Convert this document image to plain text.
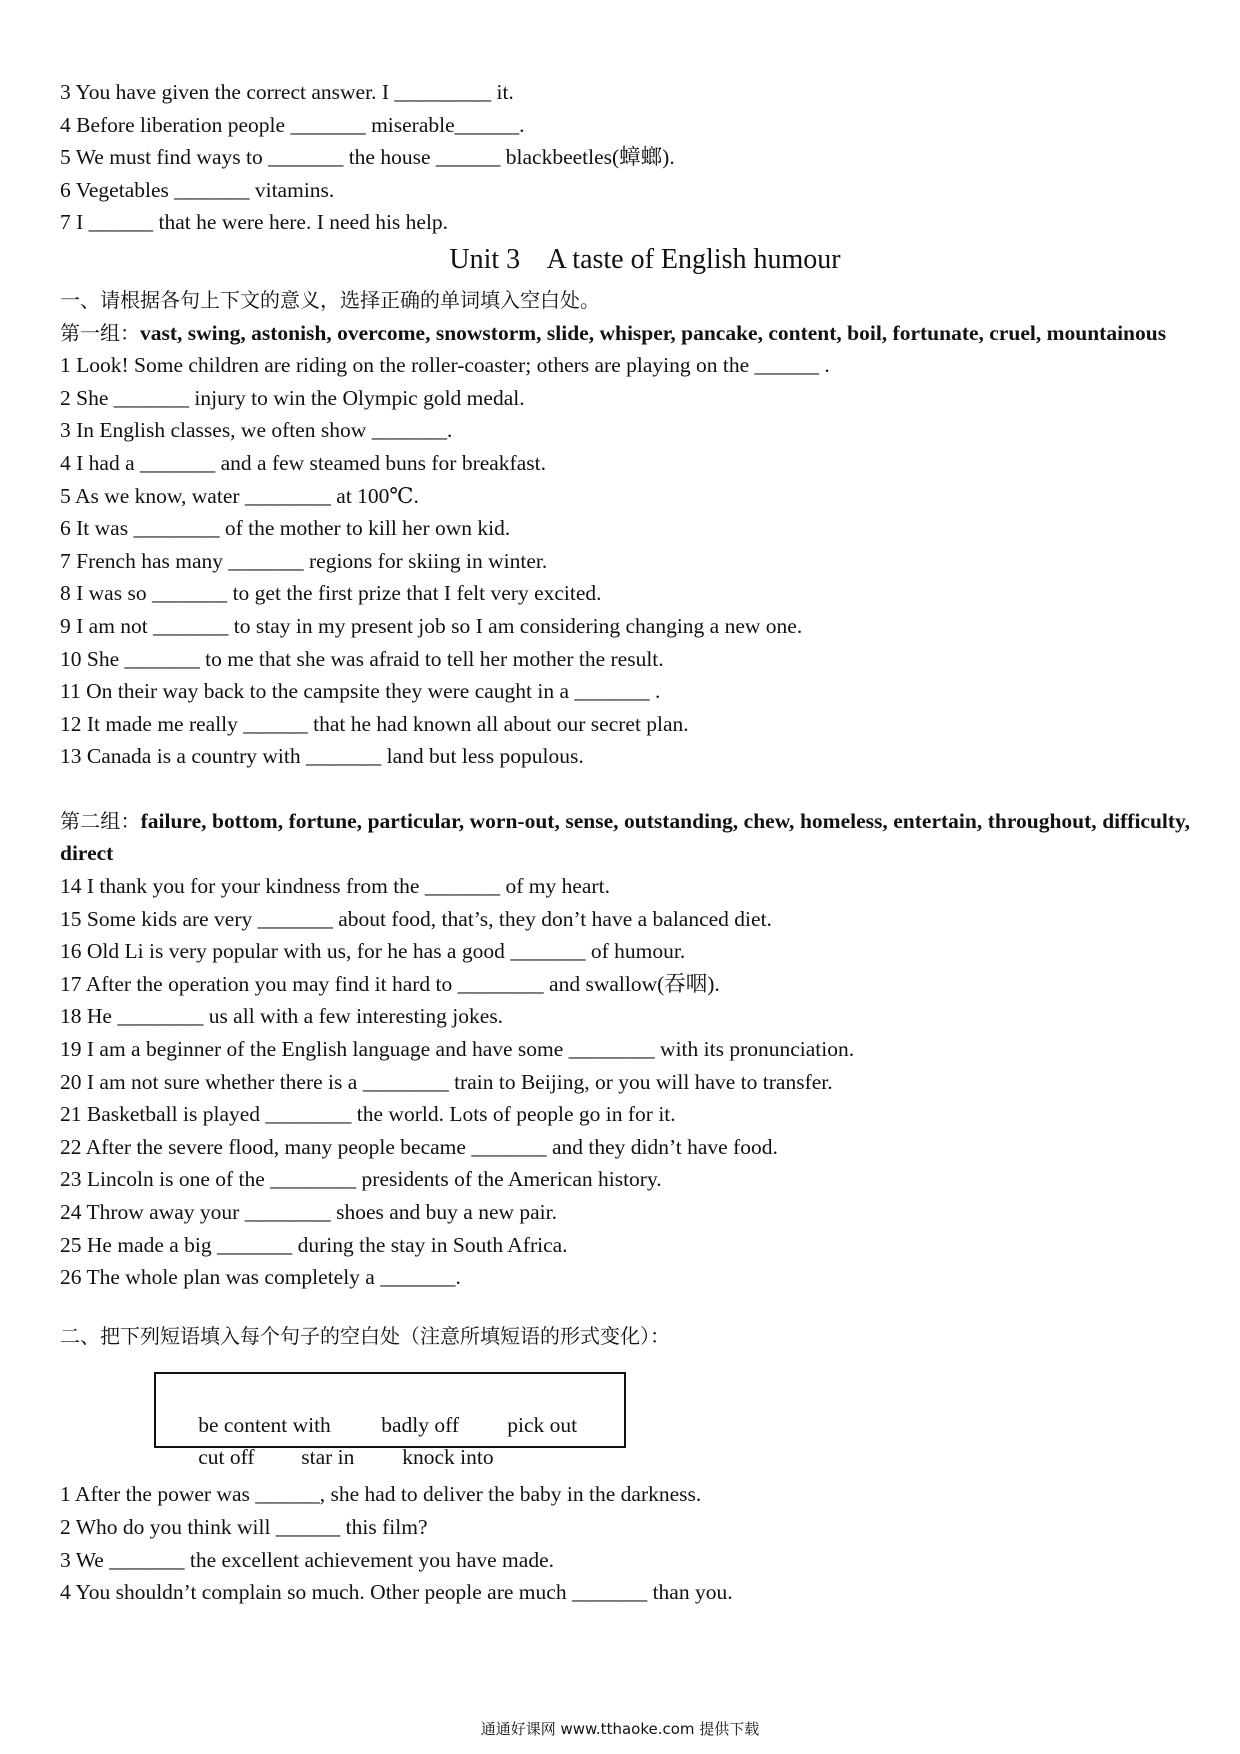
3 You have given the correct answer. I _________ it.
4 Before liberation people _______ miserable______.
5 We must find ways to _______ the house ______ blackbeetles(蟑螂).
6 Vegetables _______ vitamins.
7 I ______ that he were here. I need his help.
Unit 3    A taste of English humour
一、请根据各句上下文的意义，选择正确的单词填入空白处。
第一组：vast, swing, astonish, overcome, snowstorm, slide, whisper, pancake, content, boil, fortunate, cruel, mountainous
1 Look! Some children are riding on the roller-coaster; others are playing on the ______ .
2 She _______ injury to win the Olympic gold medal.
3 In English classes, we often show _______.
4 I had a _______ and a few steamed buns for breakfast.
5 As we know, water ________ at 100℃.
6 It was ________ of the mother to kill her own kid.
7 French has many _______ regions for skiing in winter.
8 I was so _______ to get the first prize that I felt very excited.
9 I am not _______ to stay in my present job so I am considering changing a new one.
10 She _______ to me that she was afraid to tell her mother the result.
11 On their way back to the campsite they were caught in a _______ .
12 It made me really ______ that he had known all about our secret plan.
13 Canada is a country with _______ land but less populous.
第二组：failure, bottom, fortune, particular, worn-out, sense, outstanding, chew, homeless, entertain, throughout, difficulty, direct
14 I thank you for your kindness from the _______ of my heart.
15 Some kids are very _______ about food, that’s, they don’t have a balanced diet.
16 Old Li is very popular with us, for he has a good _______ of humour.
17 After the operation you may find it hard to ________ and swallow(吞咽).
18 He ________ us all with a few interesting jokes.
19 I am a beginner of the English language and have some ________ with its pronunciation.
20 I am not sure whether there is a ________ train to Beijing, or you will have to transfer.
21 Basketball is played ________ the world. Lots of people go in for it.
22 After the severe flood, many people became _______ and they didn’t have food.
23 Lincoln is one of the ________ presidents of the American history.
24 Throw away your ________ shoes and buy a new pair.
25 He made a big _______ during the stay in South Africa.
26 The whole plan was completely a _______.
二、把下列短语填入每个句子的空白处（注意所填短语的形式变化）：

be content with badly off pick out

cut off star in knock into

1 After the power was ______, she had to deliver the baby in the darkness.
2 Who do you think will ______ this film?
3 We _______ the excellent achievement you have made.
4 You shouldn’t complain so much. Other people are much _______ than you.
通通好课网 www.tthaoke.com 提供下载
